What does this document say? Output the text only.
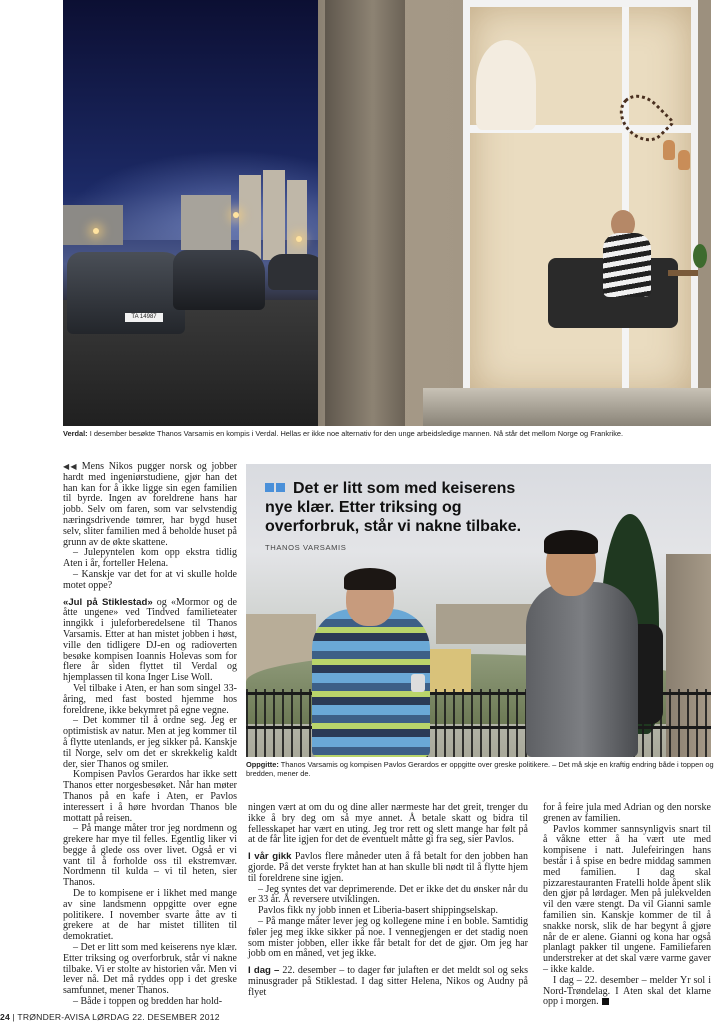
TA 14987
Verdal: I desember besøkte Thanos Varsamis en kompis i Verdal. Hellas er ikke noe alternativ for den unge arbeidsledige mannen. Nå står det mellom Norge og Frankrike.

◀◀ Mens Nikos pugger norsk og jobber hardt med ingeniørstudiene, gjør han det han kan for å ikke ligge sin egen familien til byrde. Ingen av foreldrene hans har jobb. Selv om faren, som var selvstendig næringsdrivende tømrer, har bygd huset selv, sliter familien med å beholde huset på grunn av de økte skattene.

– Julepyntelen kom opp ekstra tidlig Aten i år, forteller Helena.

– Kanskje var det for at vi skulle holde motet oppe?

«Jul på Stiklestad» og «Mormor og de åtte ungene» ved Tindved familieteater inngikk i juleforberedelsene til Thanos Varsamis. Etter at han mistet jobben i høst, ville den tidligere DJ-en og radioverten besøke kompisen Ioannis Holevas som for flere år siden flyttet til Verdal og hjemplassen til kona Inger Lise Woll.

Vel tilbake i Aten, er han som singel 33-åring, med fast bosted hjemme hos foreldrene, ikke bekymret på egne vegne.

– Det kommer til å ordne seg. Jeg er optimistisk av natur. Men at jeg kommer til å flytte utenlands, er jeg sikker på. Kanskje til Norge, selv om det er skrekkelig kaldt der, sier Thanos og smiler.

Kompisen Pavlos Gerardos har ikke sett Thanos etter norgesbesøket. Når han møter Thanos på en kafe i Aten, er Pavlos interessert i å høre hvordan Thanos ble mottatt på reisen.

– På mange måter tror jeg nordmenn og grekere har mye til felles. Egentlig liker vi begge å glede oss over livet. Også er vi vant til å forholde oss til ekstremvær. Nordmenn til kulda – vi til heten, sier Thanos.

De to kompisene er i likhet med mange av sine landsmenn oppgitte over egne politikere. I november svarte åtte av ti grekere at de har mistet tilliten til demokratiet.

– Det er litt som med keiserens nye klær. Etter triksing og overforbruk, står vi nakne tilbake. Vi er stolte av historien vår. Men vi lever nå. Det må ryddes opp i det greske samfunnet, mener Thanos.

– Både i toppen og bredden har hold-

Det er litt som med keiserens nye klær. Etter triksing og overforbruk, står vi nakne tilbake. THANOS VARSAMIS
Oppgitte: Thanos Varsamis og kompisen Pavlos Gerardos er oppgitte over greske politikere. – Det må skje en kraftig endring både i toppen og bredden, mener de.

ningen vært at om du og dine aller nærmeste har det greit, trenger du ikke å bry deg om så mye annet. Å betale skatt og bidra til fellesskapet har vært en uting. Jeg tror rett og slett mange har følt på at de får lite igjen for det de eventuelt måtte gi fra seg, sier Pavlos.

I vår gikk Pavlos flere måneder uten å få betalt for den jobben han gjorde. På det verste fryktet han at han skulle bli nødt til å flytte hjem til foreldrene sine igjen.

– Jeg syntes det var deprimerende. Det er ikke det du ønsker når du er 33 år. Å reversere utviklingen.

Pavlos fikk ny jobb innen et Liberia-basert shippingselskap.

– På mange måter lever jeg og kollegene mine i en boble. Samtidig føler jeg meg ikke sikker på noe. I vennegjengen er det stadig noen som mister jobben, eller ikke får betalt for det de gjør. Om jeg har jobb om en måned, vet jeg ikke.

I dag – 22. desember – to dager før julaften er det meldt sol og seks minusgrader på Stiklestad. I dag sitter Helena, Nikos og Audny på flyet

for å feire jula med Adrian og den norske grenen av familien.

Pavlos kommer sannsynligvis snart til å våkne etter å ha vært ute med kompisene i natt. Julefeiringen hans består i å spise en bedre middag sammen med familien. I dag skal pizzarestauranten Fratelli holde åpent slik den gjør på lørdager. Men på julekvelden vil den være stengt. Da vil Gianni samle familien sin. Kanskje kommer de til å snakke norsk, slik de har begynt å gjøre når de er alene. Gianni og kona har også planlagt pakker til ungene. Familiefaren understreker at det skal være varme gaver – ikke kalde.

I dag – 22. desember – melder Yr sol i Nord-Trøndelag. I Aten skal det klarne opp i morgen.

24 | TRØNDER-AVISA LØRDAG 22. DESEMBER 2012
